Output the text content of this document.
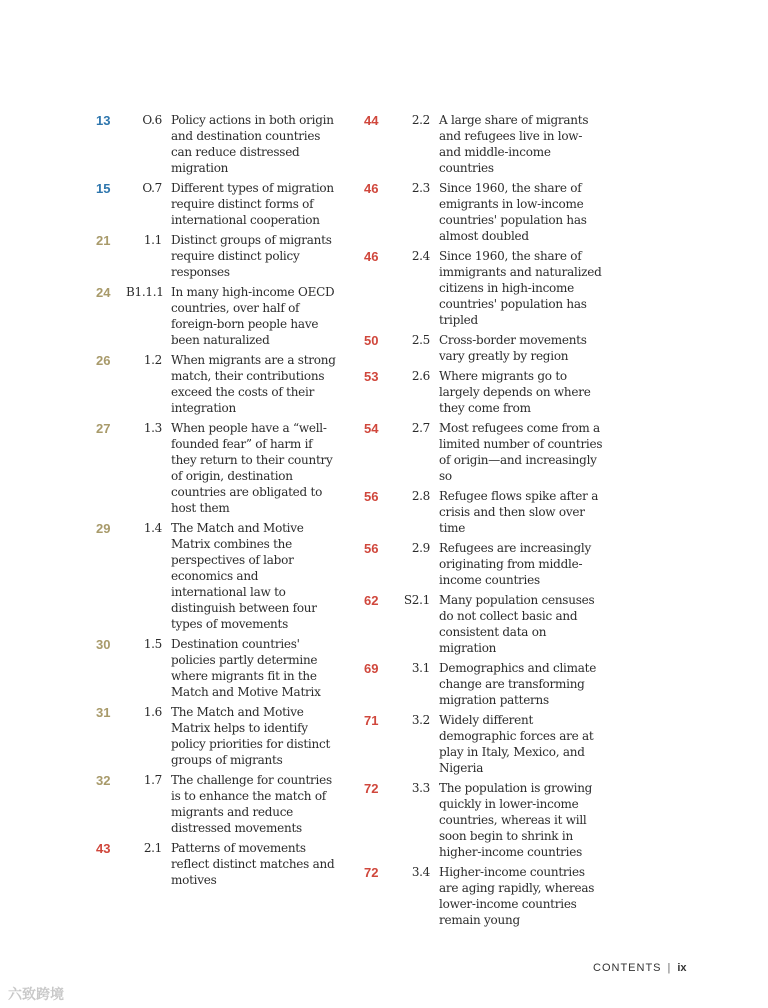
13	O.6 Policy actions in both origin and destination countries can reduce distressed migration
15	O.7 Different types of migration require distinct forms of international cooperation
21	1.1 Distinct groups of migrants require distinct policy responses
24	B1.1.1 In many high-income OECD countries, over half of foreign-born people have been naturalized
26	1.2 When migrants are a strong match, their contributions exceed the costs of their integration
27	1.3 When people have a “well-founded fear” of harm if they return to their country of origin, destination countries are obligated to host them
29	1.4 The Match and Motive Matrix combines the perspectives of labor economics and international law to distinguish between four types of movements
30	1.5 Destination countries' policies partly determine where migrants fit in the Match and Motive Matrix
31	1.6 The Match and Motive Matrix helps to identify policy priorities for distinct groups of migrants
32	1.7 The challenge for countries is to enhance the match of migrants and reduce distressed movements
43	2.1 Patterns of movements reflect distinct matches and motives
44	2.2 A large share of migrants and refugees live in low- and middle-income countries
46	2.3 Since 1960, the share of emigrants in low-income countries' population has almost doubled
46	2.4 Since 1960, the share of immigrants and naturalized citizens in high-income countries' population has tripled
50	2.5 Cross-border movements vary greatly by region
53	2.6 Where migrants go to largely depends on where they come from
54	2.7 Most refugees come from a limited number of countries of origin—and increasingly so
56	2.8 Refugee flows spike after a crisis and then slow over time
56	2.9 Refugees are increasingly originating from middle-income countries
62	S2.1 Many population censuses do not collect basic and consistent data on migration
69	3.1 Demographics and climate change are transforming migration patterns
71	3.2 Widely different demographic forces are at play in Italy, Mexico, and Nigeria
72	3.3 The population is growing quickly in lower-income countries, whereas it will soon begin to shrink in higher-income countries
72	3.4 Higher-income countries are aging rapidly, whereas lower-income countries remain young
CONTENTS | ix
六致跨境
